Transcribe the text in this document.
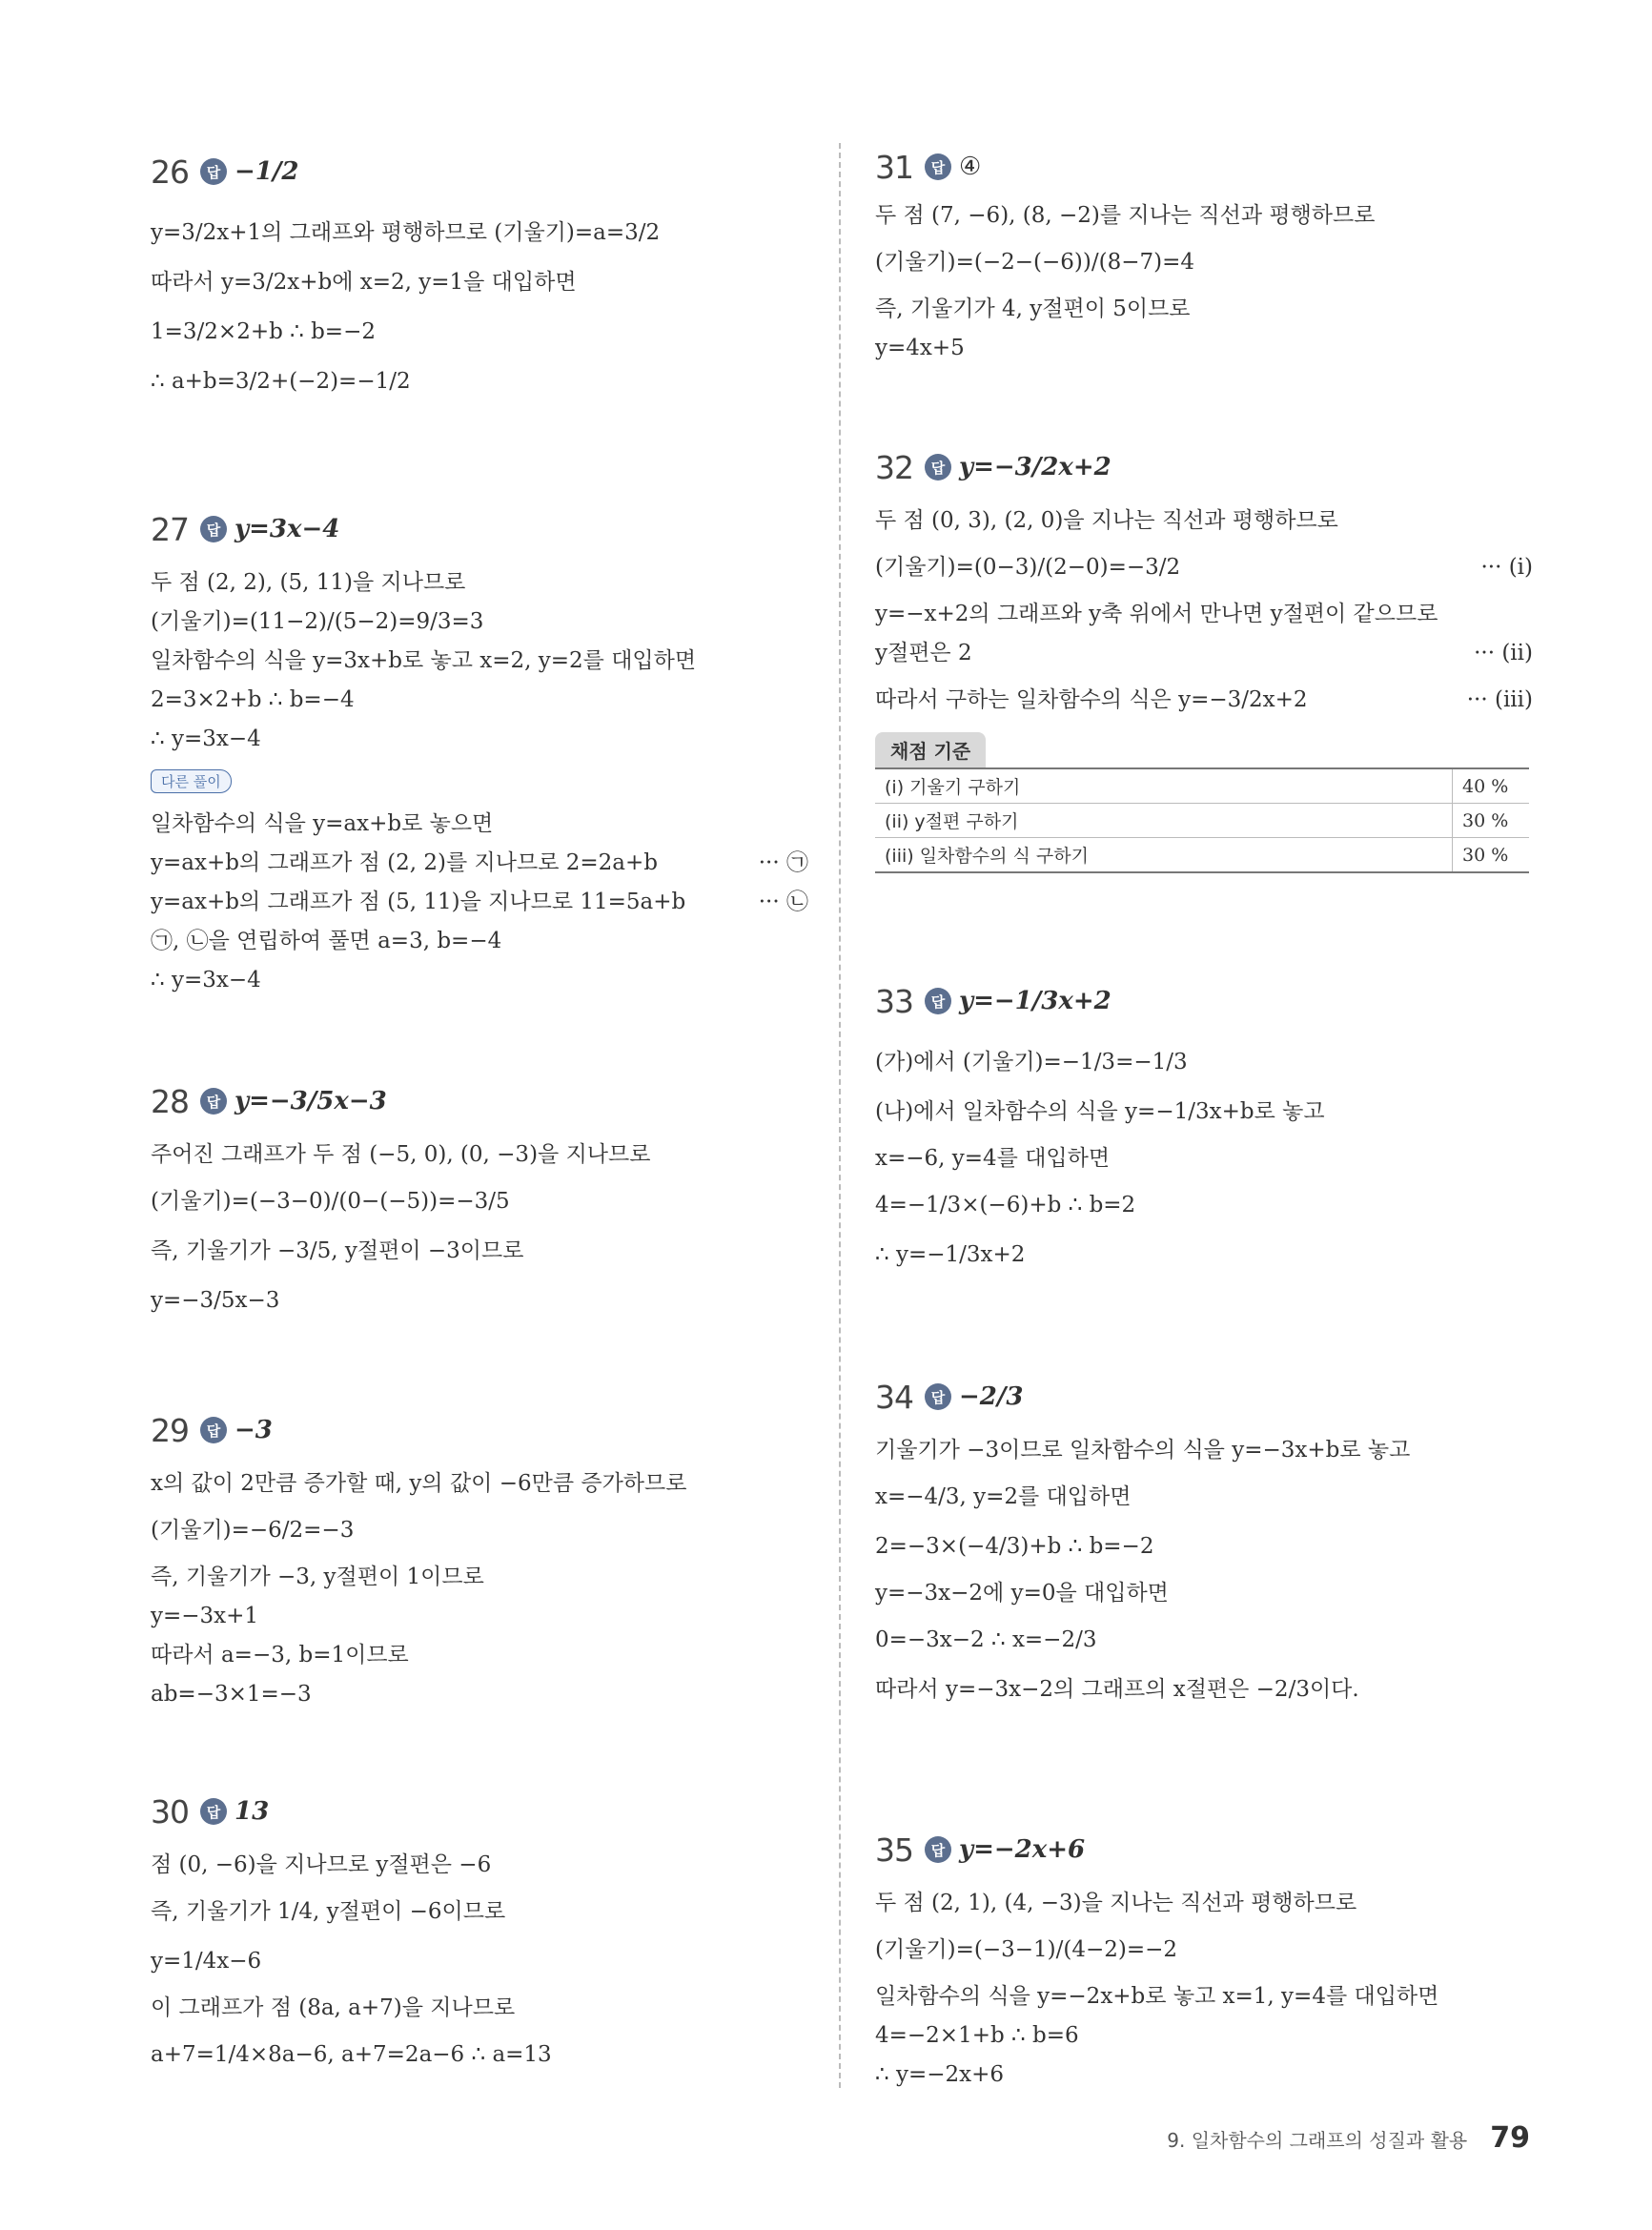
26	답 −1/2
y=3/2x+1의 그래프와 평행하므로 (기울기)=a=3/2
따라서 y=3/2x+b에 x=2, y=1을 대입하면
1=3/2×2+b ∴ b=−2
∴ a+b=3/2+(−2)=−1/2
27	답 y=3x−4
두 점 (2, 2), (5, 11)을 지나므로
(기울기)=(11−2)/(5−2)=9/3=3
일차함수의 식을 y=3x+b로 놓고 x=2, y=2를 대입하면
2=3×2+b ∴ b=−4
∴ y=3x−4
다른 풀이
일차함수의 식을 y=ax+b로 놓으면
y=ax+b의 그래프가 점 (2, 2)를 지나므로 2=2a+b	··· ㉠
y=ax+b의 그래프가 점 (5, 11)을 지나므로 11=5a+b	··· ㉡
㉠, ㉡을 연립하여 풀면 a=3, b=−4
∴ y=3x−4
28	답 y=−3/5x−3
주어진 그래프가 두 점 (−5, 0), (0, −3)을 지나므로
(기울기)=(−3−0)/(0−(−5))=−3/5
즉, 기울기가 −3/5, y절편이 −3이므로
y=−3/5x−3
29	답 −3
x의 값이 2만큼 증가할 때, y의 값이 −6만큼 증가하므로
(기울기)=−6/2=−3
즉, 기울기가 −3, y절편이 1이므로
y=−3x+1
따라서 a=−3, b=1이므로
ab=−3×1=−3
30	답 13
점 (0, −6)을 지나므로 y절편은 −6
즉, 기울기가 1/4, y절편이 −6이므로
y=1/4x−6
이 그래프가 점 (8a, a+7)을 지나므로
a+7=1/4×8a−6, a+7=2a−6 ∴ a=13
31	답 ④
두 점 (7, −6), (8, −2)를 지나는 직선과 평행하므로
(기울기)=(−2−(−6))/(8−7)=4
즉, 기울기가 4, y절편이 5이므로
y=4x+5
32	답 y=−3/2x+2
두 점 (0, 3), (2, 0)을 지나는 직선과 평행하므로
(기울기)=(0−3)/(2−0)=−3/2	··· (i)
y=−x+2의 그래프와 y축 위에서 만나면 y절편이 같으므로
y절편은 2	··· (ii)
따라서 구하는 일차함수의 식은 y=−3/2x+2	··· (iii)
채점 기준
(i) 기울기 구하기	40 %
(ii) y절편 구하기	30 %
(iii) 일차함수의 식 구하기	30 %
33	답 y=−1/3x+2
(가)에서 (기울기)=−1/3=−1/3
(나)에서 일차함수의 식을 y=−1/3x+b로 놓고
x=−6, y=4를 대입하면
4=−1/3×(−6)+b ∴ b=2
∴ y=−1/3x+2
34	답 −2/3
기울기가 −3이므로 일차함수의 식을 y=−3x+b로 놓고
x=−4/3, y=2를 대입하면
2=−3×(−4/3)+b ∴ b=−2
y=−3x−2에 y=0을 대입하면
0=−3x−2 ∴ x=−2/3
따라서 y=−3x−2의 그래프의 x절편은 −2/3이다.
35	답 y=−2x+6
두 점 (2, 1), (4, −3)을 지나는 직선과 평행하므로
(기울기)=(−3−1)/(4−2)=−2
일차함수의 식을 y=−2x+b로 놓고 x=1, y=4를 대입하면
4=−2×1+b ∴ b=6
∴ y=−2x+6
9. 일차함수의 그래프의 성질과 활용 79
